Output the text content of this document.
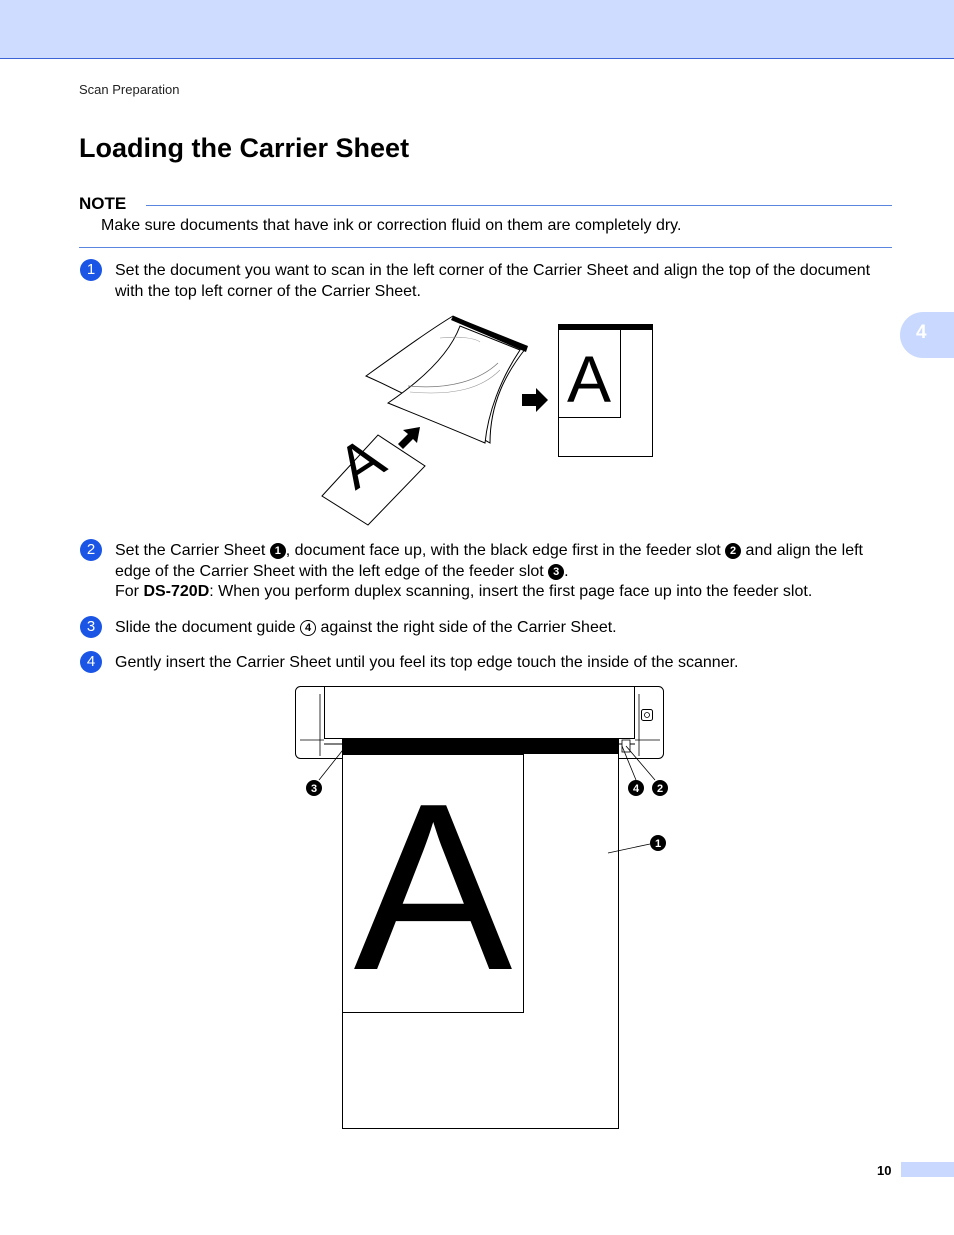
Scan Preparation
Loading the Carrier Sheet
4
NOTE
Make sure documents that have ink or correction fluid on them are completely dry.
1	Set the document you want to scan in the left corner of the Carrier Sheet and align the top of the document with the top left corner of the Carrier Sheet.
A
A
2	Set the Carrier Sheet 1 , document face up, with the black edge first in the feeder slot 2 and align the left edge of the Carrier Sheet with the left edge of the feeder slot 3 .
For DS-720D: When you perform duplex scanning, insert the first page face up into the feeder slot.
3	Slide the document guide 4 against the right side of the Carrier Sheet.
4	Gently insert the Carrier Sheet until you feel its top edge touch the inside of the scanner.
A
3	4 2
1
10
